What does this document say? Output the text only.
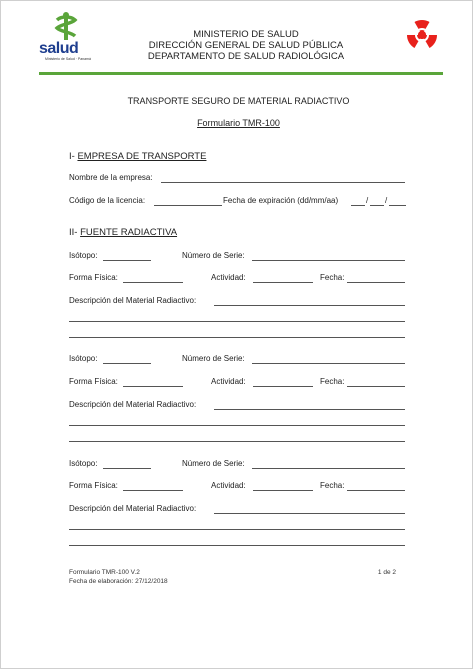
salud
Ministerio de Salud · Panamá
MINISTERIO DE SALUD
DIRECCIÓN GENERAL DE SALUD PÚBLICA
DEPARTAMENTO DE SALUD RADIOLÓGICA
TRANSPORTE SEGURO DE MATERIAL RADIACTIVO
Formulario TMR-100
I- EMPRESA DE TRANSPORTE
Nombre de la empresa:
Código de la licencia:	Fecha de expiración (dd/mm/aa)	/ /
II- FUENTE RADIACTIVA
Isótopo:	Número de Serie:
Forma Física:	Actividad:	Fecha:
Descripción del Material Radiactivo:
Isótopo:	Número de Serie:
Forma Física:	Actividad:	Fecha:
Descripción del Material Radiactivo:
Isótopo:	Número de Serie:
Forma Física:	Actividad:	Fecha:
Descripción del Material Radiactivo:
Formulario TMR-100 V.2
Fecha de elaboración: 27/12/2018
1 de 2
